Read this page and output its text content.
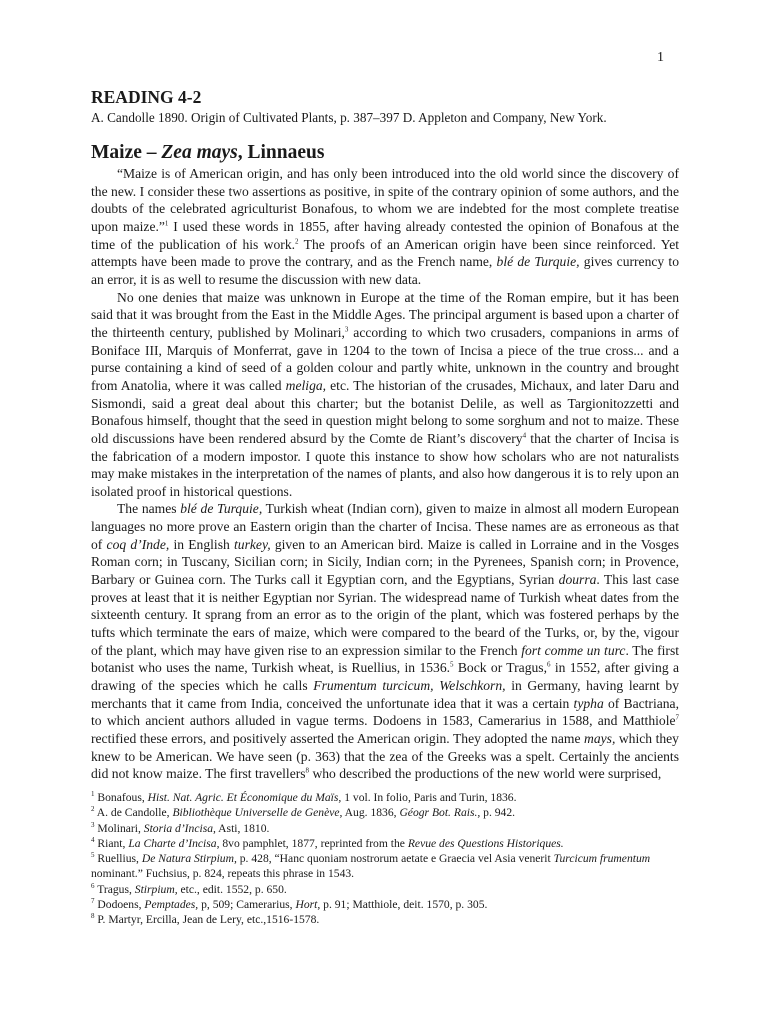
1
READING 4-2

A. Candolle 1890. Origin of Cultivated Plants, p. 387–397 D. Appleton and Company, New York.

Maize – Zea mays, Linnaeus

“Maize is of American origin, and has only been introduced into the old world since the discovery of the new. I consider these two assertions as positive, in spite of the contrary opinion of some authors, and the doubts of the celebrated agriculturist Bonafous, to whom we are indebted for the most complete treatise upon maize.”$^1$ I used these words in 1855, after having already contested the opinion of Bonafous at the time of the publication of his work.$^2$ The proofs of an American origin have been since reinforced. Yet attempts have been made to prove the contrary, and as the French name, blé de Turquie, gives currency to an error, it is as well to resume the discussion with new data.

No one denies that maize was unknown in Europe at the time of the Roman empire, but it has been said that it was brought from the East in the Middle Ages. The principal argument is based upon a charter of the thirteenth century, published by Molinari,$^3$ according to which two crusaders, companions in arms of Boniface III, Marquis of Monferrat, gave in 1204 to the town of Incisa a piece of the true cross... and a purse containing a kind of seed of a golden colour and partly white, unknown in the country and brought from Anatolia, where it was called meliga, etc. The historian of the crusades, Michaux, and later Daru and Sismondi, said a great deal about this charter; but the botanist Delile, as well as Targionitozzetti and Bonafous himself, thought that the seed in question might belong to some sorghum and not to maize. These old discussions have been rendered absurd by the Comte de Riant’s discovery$^4$ that the charter of Incisa is the fabrication of a modern impostor. I quote this instance to show how scholars who are not naturalists may make mistakes in the interpretation of the names of plants, and also how dangerous it is to rely upon an isolated proof in historical questions.

The names blé de Turquie, Turkish wheat (Indian corn), given to maize in almost all modern European languages no more prove an Eastern origin than the charter of Incisa. These names are as erroneous as that of coq d’Inde, in English turkey, given to an American bird. Maize is called in Lorraine and in the Vosges Roman corn; in Tuscany, Sicilian corn; in Sicily, Indian corn; in the Pyrenees, Spanish corn; in Provence, Barbary or Guinea corn. The Turks call it Egyptian corn, and the Egyptians, Syrian dourra. This last case proves at least that it is neither Egyptian nor Syrian. The widespread name of Turkish wheat dates from the sixteenth century. It sprang from an error as to the origin of the plant, which was fostered perhaps by the tufts which terminate the ears of maize, which were compared to the beard of the Turks, or, by the, vigour of the plant, which may have given rise to an expression similar to the French fort comme un turc. The first botanist who uses the name, Turkish wheat, is Ruellius, in 1536.$^5$ Bock or Tragus,$^6$ in 1552, after giving a drawing of the species which he calls Frumentum turcicum, Welschkorn, in Germany, having learnt by merchants that it came from India, conceived the unfortunate idea that it was a certain typha of Bactriana, to which ancient authors alluded in vague terms. Dodoens in 1583, Camerarius in 1588, and Matthiole$^7$ rectified these errors, and positively asserted the American origin. They adopted the name mays, which they knew to be American. We have seen (p. 363) that the zea of the Greeks was a spelt. Certainly the ancients did not know maize. The first travellers$^8$ who described the productions of the new world were surprised,

$^1$ Bonafous, Hist. Nat. Agric. Et Économique du Maïs, 1 vol. In folio, Paris and Turin, 1836.
$^2$ A. de Candolle, Bibliothèque Universelle de Genève, Aug. 1836, Géogr Bot. Rais., p. 942.
$^3$ Molinari, Storia d’Incisa, Asti, 1810.
$^4$ Riant, La Charte d’Incisa, 8vo pamphlet, 1877, reprinted from the Revue des Questions Historiques.
$^5$ Ruellius, De Natura Stirpium, p. 428, “Hanc quoniam nostrorum aetate e Graecia vel Asia venerit Turcicum frumentum nominant.” Fuchsius, p. 824, repeats this phrase in 1543.
$^6$ Tragus, Stirpium, etc., edit. 1552, p. 650.
$^7$ Dodoens, Pemptades, p, 509; Camerarius, Hort, p. 91; Matthiole, deit. 1570, p. 305.
$^8$ P. Martyr, Ercilla, Jean de Lery, etc.,1516-1578.
